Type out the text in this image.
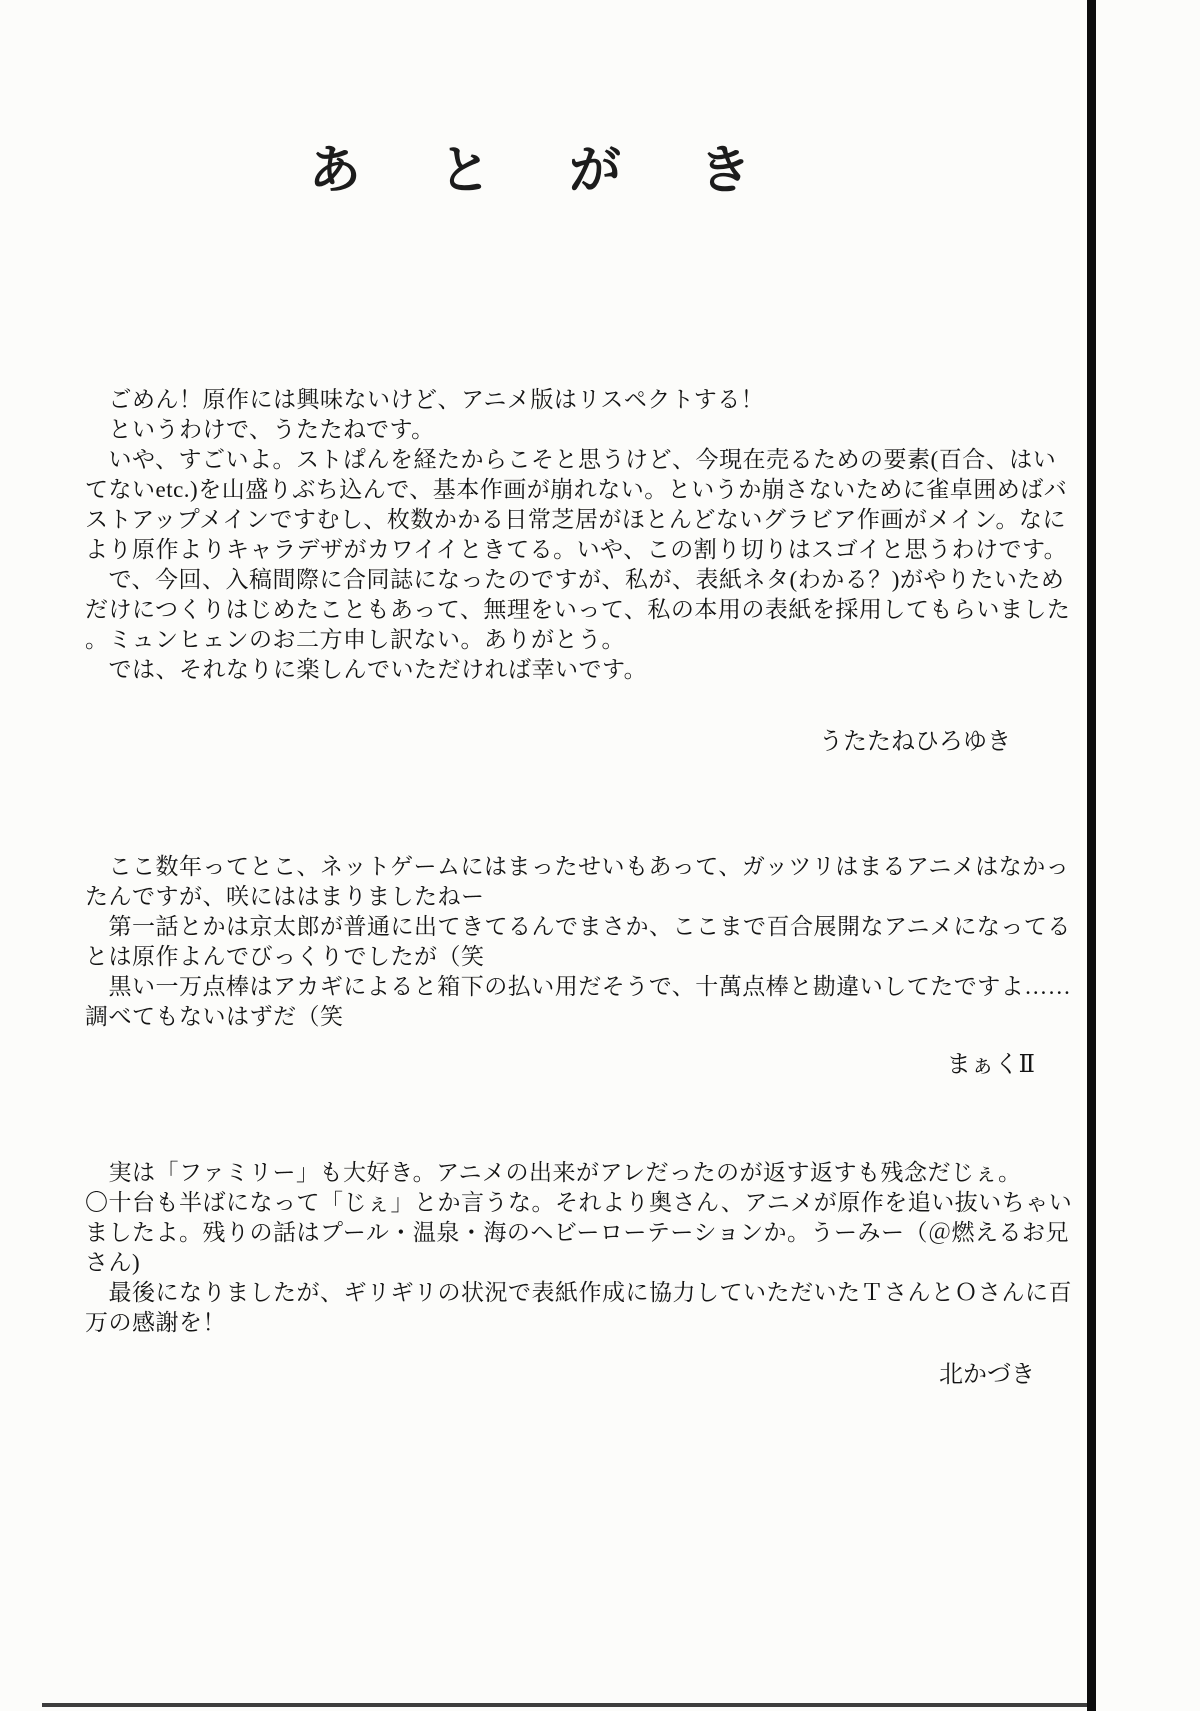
あ と が き

　ごめん！原作には興味ないけど、アニメ版はリスペクトする！

　というわけで、うたたねです。

　いや、すごいよ。ストぱんを経たからこそと思うけど、今現在売るための要素(百合、はい

てないetc.)を山盛りぶち込んで、基本作画が崩れない。というか崩さないために雀卓囲めばバ

ストアップメインですむし、枚数かかる日常芝居がほとんどないグラビア作画がメイン。なに

より原作よりキャラデザがカワイイときてる。いや、この割り切りはスゴイと思うわけです。

　で、今回、入稿間際に合同誌になったのですが、私が、表紙ネタ(わかる？)がやりたいため

だけにつくりはじめたこともあって、無理をいって、私の本用の表紙を採用してもらいました

。ミュンヒェンのお二方申し訳ない。ありがとう。

　では、それなりに楽しんでいただければ幸いです。

うたたねひろゆき

　ここ数年ってとこ、ネットゲームにはまったせいもあって、ガッツリはまるアニメはなかっ

たんですが、咲にははまりましたねー

　第一話とかは京太郎が普通に出てきてるんでまさか、ここまで百合展開なアニメになってる

とは原作よんでびっくりでしたが（笑

　黒い一万点棒はアカギによると箱下の払い用だそうで、十萬点棒と勘違いしてたですよ……

調べてもないはずだ（笑

まぁくⅡ

　実は「ファミリー」も大好き。アニメの出来がアレだったのが返す返すも残念だじぇ。

〇十台も半ばになって「じぇ」とか言うな。それより奥さん、アニメが原作を追い抜いちゃい

ましたよ。残りの話はプール・温泉・海のヘビーローテーションか。うーみー（＠燃えるお兄

さん)

　最後になりましたが、ギリギリの状況で表紙作成に協力していただいたＴさんとＯさんに百

万の感謝を！

北かづき
